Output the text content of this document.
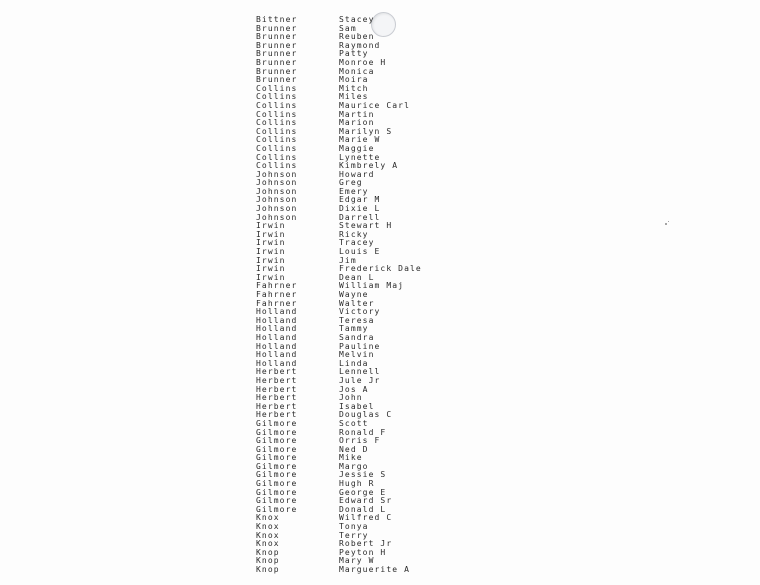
Bittner	Stacey
Brunner	Sam
Brunner	Reuben
Brunner	Raymond
Brunner	Patty
Brunner	Monroe H
Brunner	Monica
Brunner	Moira
Collins	Mitch
Collins	Miles
Collins	Maurice Carl
Collins	Martin
Collins	Marion
Collins	Marilyn S
Collins	Marie W
Collins	Maggie
Collins	Lynette
Collins	Kimbrely A
Johnson	Howard
Johnson	Greg
Johnson	Emery
Johnson	Edgar M
Johnson	Dixie L
Johnson	Darrell
Irwin	Stewart H
Irwin	Ricky
Irwin	Tracey
Irwin	Louis E
Irwin	Jim
Irwin	Frederick Dale
Irwin	Dean L
Fahrner	William Maj
Fahrner	Wayne
Fahrner	Walter
Holland	Victory
Holland	Teresa
Holland	Tammy
Holland	Sandra
Holland	Pauline
Holland	Melvin
Holland	Linda
Herbert	Lennell
Herbert	Jule Jr
Herbert	Jos A
Herbert	John
Herbert	Isabel
Herbert	Douglas C
Gilmore	Scott
Gilmore	Ronald F
Gilmore	Orris F
Gilmore	Ned D
Gilmore	Mike
Gilmore	Margo
Gilmore	Jessie S
Gilmore	Hugh R
Gilmore	George E
Gilmore	Edward Sr
Gilmore	Donald L
Knox	Wilfred C
Knox	Tonya
Knox	Terry
Knox	Robert Jr
Knop	Peyton H
Knop	Mary W
Knop	Marguerite A
